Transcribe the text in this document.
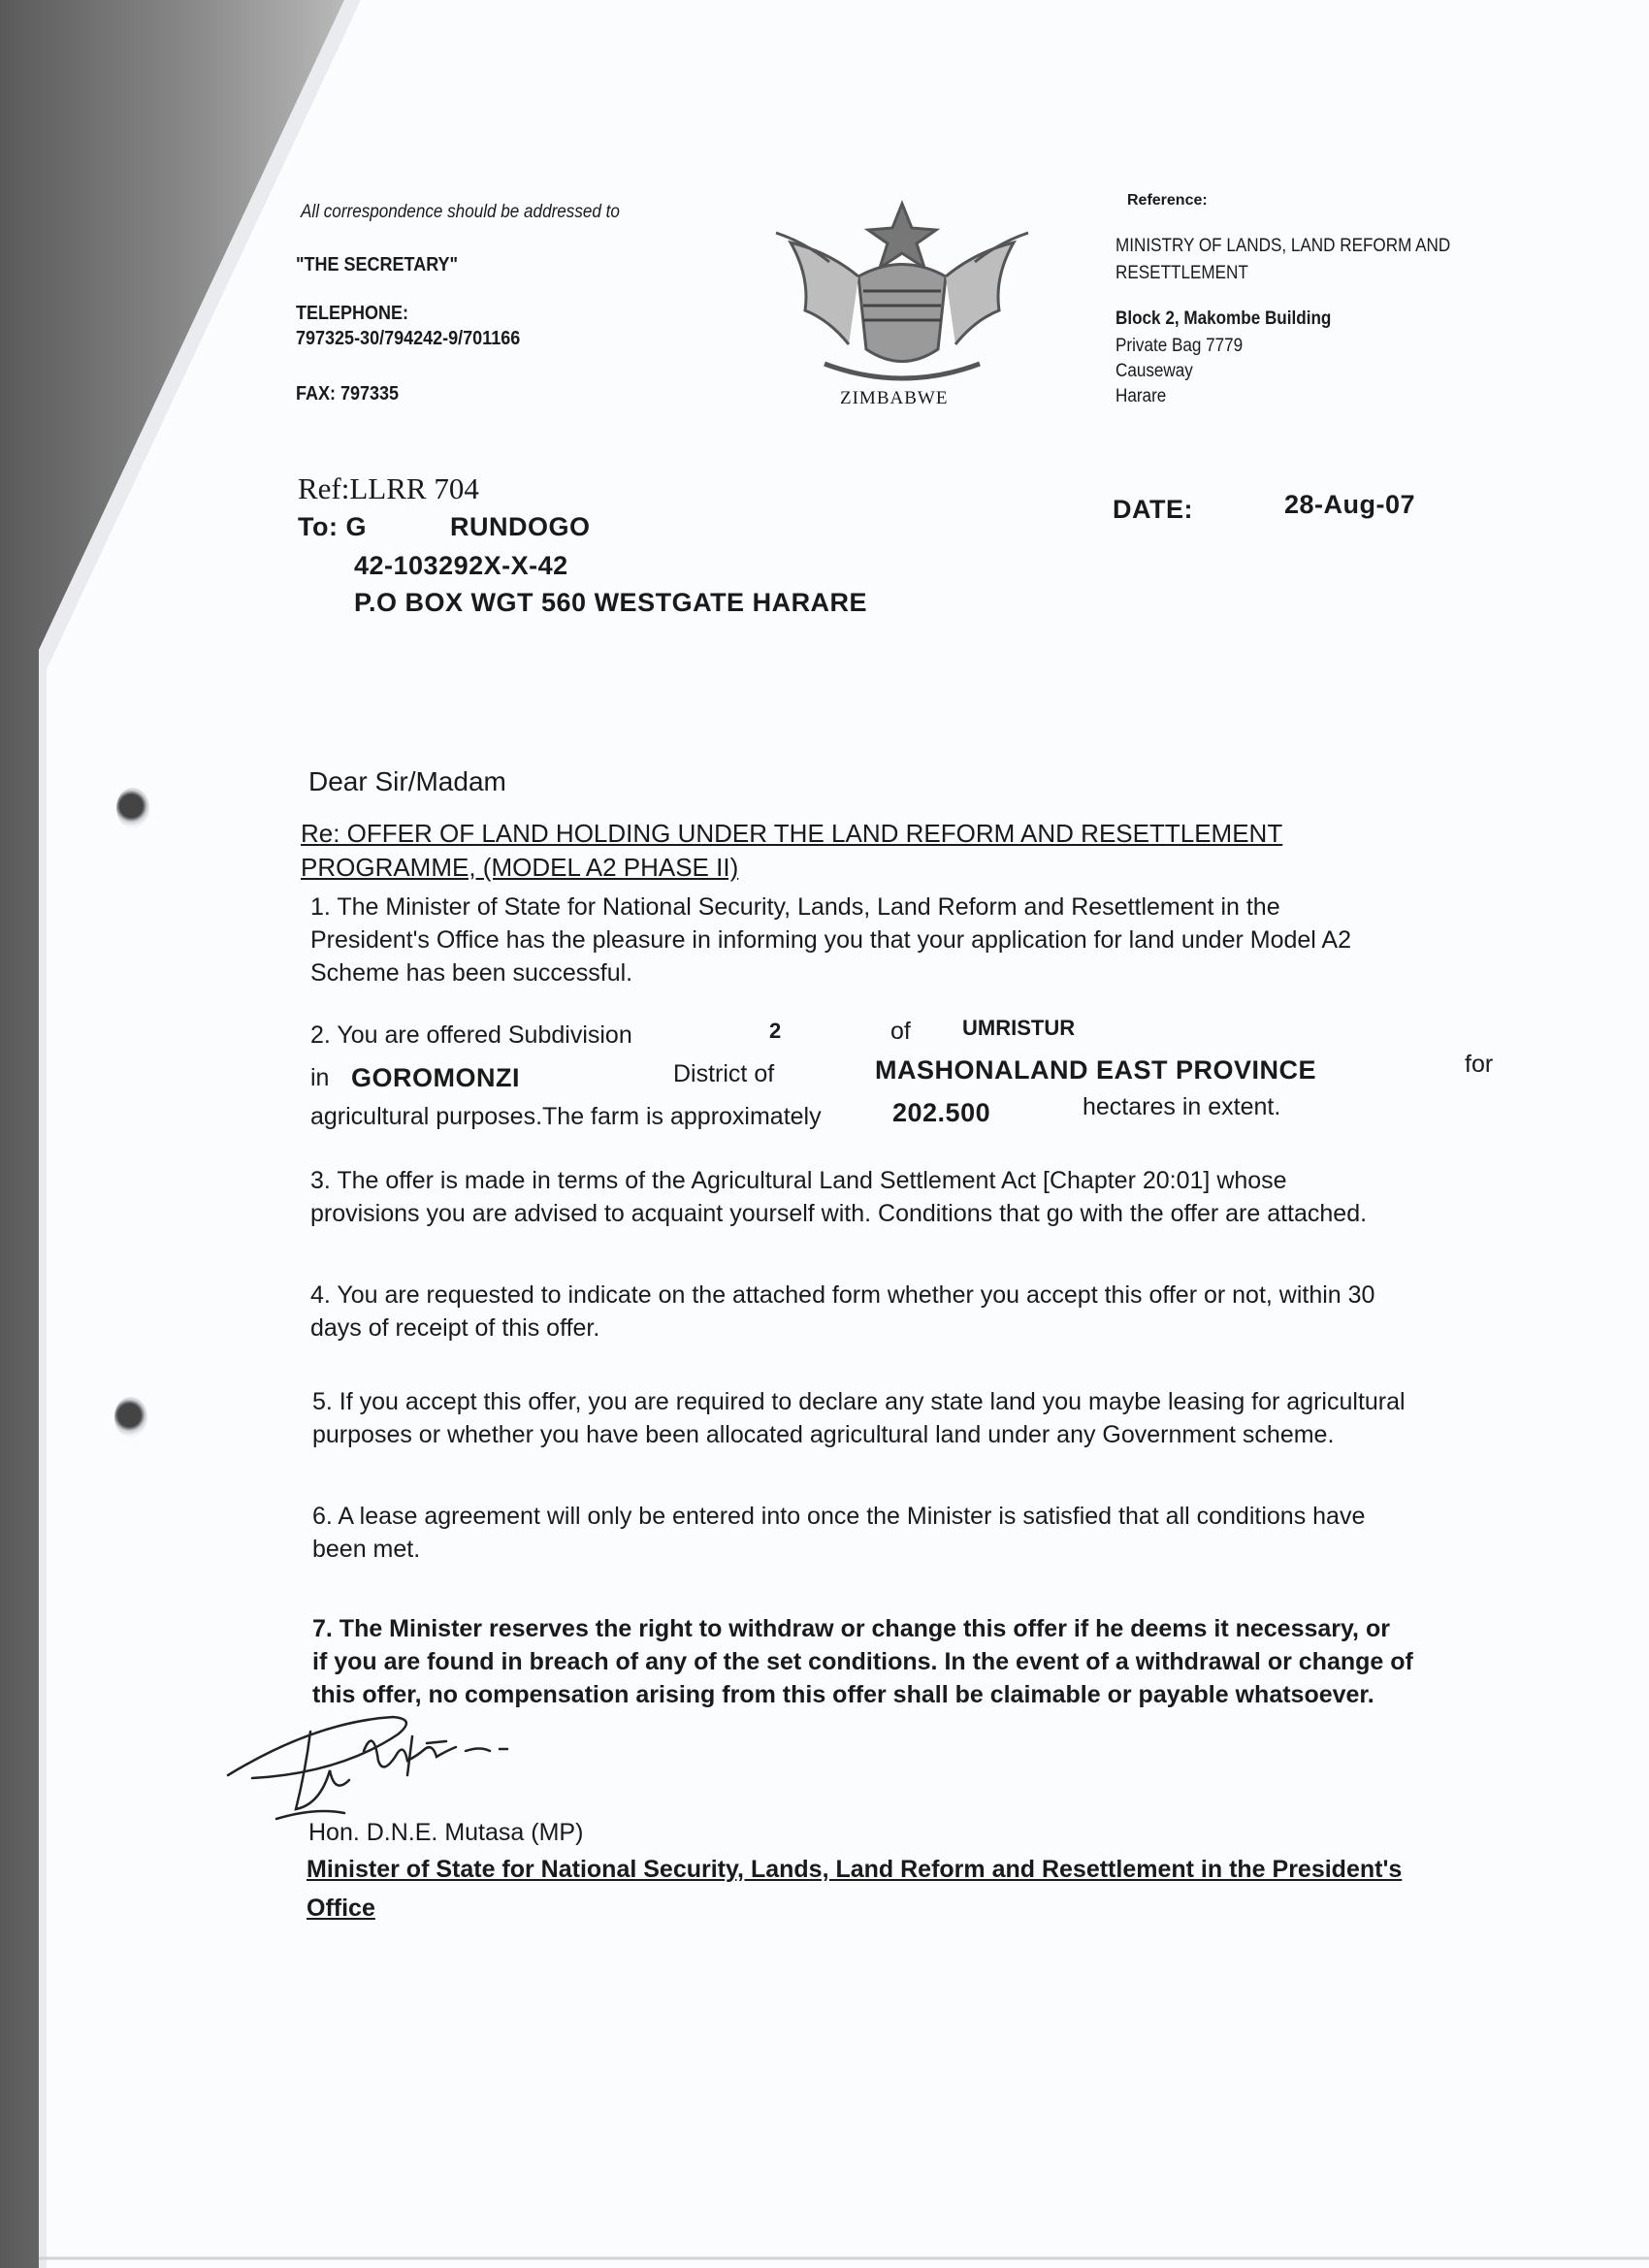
All correspondence should be addressed to
"THE SECRETARY"
TELEPHONE:
797325-30/794242-9/701166
FAX: 797335	ZIMBABWE
Reference:
MINISTRY OF LANDS, LAND REFORM AND
RESETTLEMENT
Block 2, Makombe Building
Private Bag 7779
Causeway
Harare
Ref:LLRR 704
To: G	RUNDOGO
42-103292X-X-42
P.O BOX WGT 560 WESTGATE HARARE
DATE:	28-Aug-07
Dear Sir/Madam
Re: OFFER OF LAND HOLDING UNDER THE LAND REFORM AND RESETTLEMENT
PROGRAMME, (MODEL A2 PHASE II)
1. The Minister of State for National Security, Lands, Land Reform and Resettlement in the
President's Office has the pleasure in informing you that your application for land under Model A2
Scheme has been successful.
2. You are offered Subdivision	2	of UMRISTUR
in GOROMONZI	District of	MASHONALAND EAST PROVINCE	for
agricultural purposes.The farm is approximately	202.500	hectares in extent.
3. The offer is made in terms of the Agricultural Land Settlement Act [Chapter 20:01] whose
provisions you are advised to acquaint yourself with. Conditions that go with the offer are attached.
4. You are requested to indicate on the attached form whether you accept this offer or not, within 30
days of receipt of this offer.
5. If you accept this offer, you are required to declare any state land you maybe leasing for agricultural
purposes or whether you have been allocated agricultural land under any Government scheme.
6. A lease agreement will only be entered into once the Minister is satisfied that all conditions have
been met.
7. The Minister reserves the right to withdraw or change this offer if he deems it necessary, or
if you are found in breach of any of the set conditions. In the event of a withdrawal or change of
this offer, no compensation arising from this offer shall be claimable or payable whatsoever.
Hon. D.N.E. Mutasa (MP)
Minister of State for National Security, Lands, Land Reform and Resettlement in the President's
Office
